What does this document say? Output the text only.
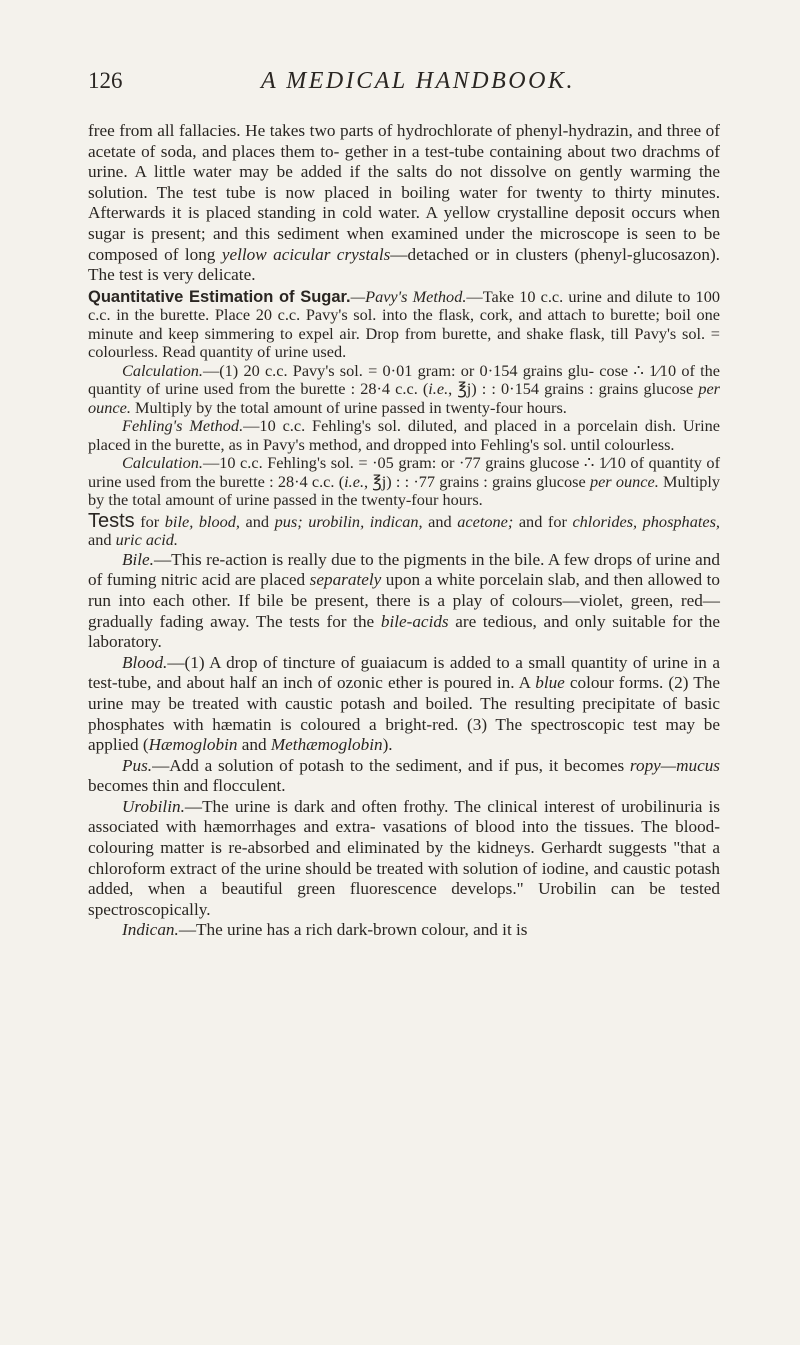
126	A MEDICAL HANDBOOK.

free from all fallacies. He takes two parts of hydrochlorate of phenyl-hydrazin, and three of acetate of soda, and places them to- gether in a test-tube containing about two drachms of urine. A little water may be added if the salts do not dissolve on gently warming the solution. The test tube is now placed in boiling water for twenty to thirty minutes. Afterwards it is placed standing in cold water. A yellow crystalline deposit occurs when sugar is present; and this sediment when examined under the microscope is seen to be composed of long yellow acicular crystals—detached or in clusters (phenyl-glucosazon). The test is very delicate.

Quantitative Estimation of Sugar.—Pavy's Method.—Take 10 c.c. urine and dilute to 100 c.c. in the burette. Place 20 c.c. Pavy's sol. into the flask, cork, and attach to burette; boil one minute and keep simmering to expel air. Drop from burette, and shake flask, till Pavy's sol. = colourless. Read quantity of urine used.

Calculation.—(1) 20 c.c. Pavy's sol. = 0·01 gram: or 0·154 grains glu- cose ∴ 1⁄10 of the quantity of urine used from the burette : 28·4 c.c. (i.e., ℥j) : : 0·154 grains : grains glucose per ounce. Multiply by the total amount of urine passed in twenty-four hours.

Fehling's Method.—10 c.c. Fehling's sol. diluted, and placed in a porcelain dish. Urine placed in the burette, as in Pavy's method, and dropped into Fehling's sol. until colourless.

Calculation.—10 c.c. Fehling's sol. = ·05 gram: or ·77 grains glucose ∴ 1⁄10 of quantity of urine used from the burette : 28·4 c.c. (i.e., ℥j) : : ·77 grains : grains glucose per ounce. Multiply by the total amount of urine passed in the twenty-four hours.

Tests for bile, blood, and pus; urobilin, indican, and acetone; and for chlorides, phosphates, and uric acid.

Bile.—This re-action is really due to the pigments in the bile. A few drops of urine and of fuming nitric acid are placed separately upon a white porcelain slab, and then allowed to run into each other. If bile be present, there is a play of colours—violet, green, red—gradually fading away. The tests for the bile-acids are tedious, and only suitable for the laboratory.

Blood.—(1) A drop of tincture of guaiacum is added to a small quantity of urine in a test-tube, and about half an inch of ozonic ether is poured in. A blue colour forms. (2) The urine may be treated with caustic potash and boiled. The resulting precipitate of basic phosphates with hæmatin is coloured a bright-red. (3) The spectroscopic test may be applied (Hæmoglobin and Methæmoglobin).

Pus.—Add a solution of potash to the sediment, and if pus, it becomes ropy—mucus becomes thin and flocculent.

Urobilin.—The urine is dark and often frothy. The clinical interest of urobilinuria is associated with hæmorrhages and extra- vasations of blood into the tissues. The blood-colouring matter is re-absorbed and eliminated by the kidneys. Gerhardt suggests "that a chloroform extract of the urine should be treated with solution of iodine, and caustic potash added, when a beautiful green fluorescence develops." Urobilin can be tested spectroscopically.

Indican.—The urine has a rich dark-brown colour, and it is
